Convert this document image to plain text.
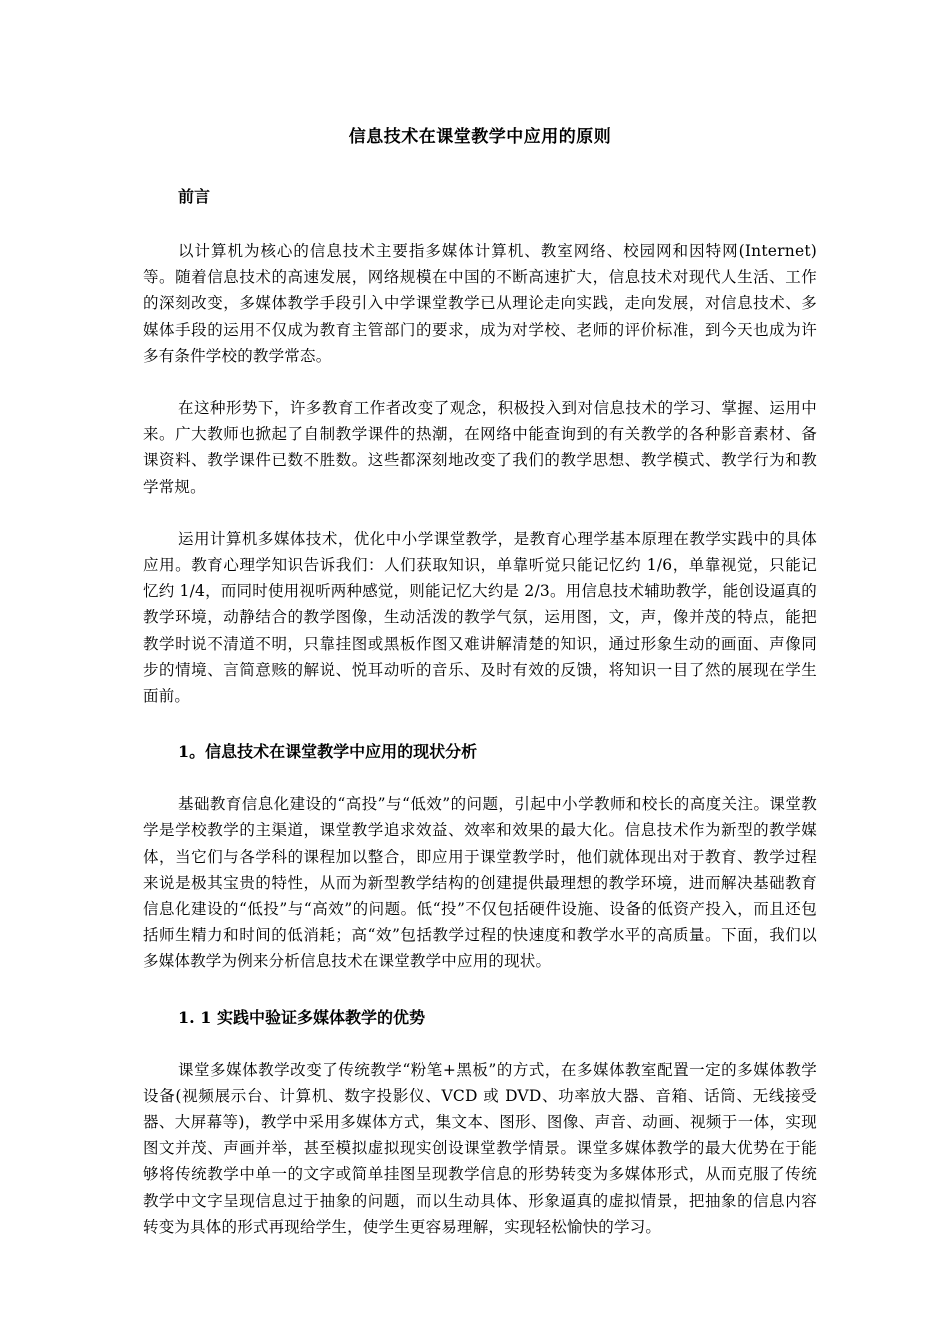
信息技术在课堂教学中应用的原则

前言

以计算机为核心的信息技术主要指多媒体计算机、教室网络、校园网和因特网(Internet)等。随着信息技术的高速发展，网络规模在中国的不断高速扩大，信息技术对现代人生活、工作的深刻改变，多媒体教学手段引入中学课堂教学已从理论走向实践，走向发展，对信息技术、多媒体手段的运用不仅成为教育主管部门的要求，成为对学校、老师的评价标准，到今天也成为许多有条件学校的教学常态。

在这种形势下，许多教育工作者改变了观念，积极投入到对信息技术的学习、掌握、运用中来。广大教师也掀起了自制教学课件的热潮，在网络中能查询到的有关教学的各种影音素材、备课资料、教学课件已数不胜数。这些都深刻地改变了我们的教学思想、教学模式、教学行为和教学常规。

运用计算机多媒体技术，优化中小学课堂教学，是教育心理学基本原理在教学实践中的具体应用。教育心理学知识告诉我们：人们获取知识，单靠听觉只能记忆约 1/6，单靠视觉，只能记忆约 1/4，而同时使用视听两种感觉，则能记忆大约是 2/3。用信息技术辅助教学，能创设逼真的教学环境，动静结合的教学图像，生动活泼的教学气氛，运用图，文，声，像并茂的特点，能把教学时说不清道不明，只靠挂图或黑板作图又难讲解清楚的知识，通过形象生动的画面、声像同步的情境、言简意赅的解说、悦耳动听的音乐、及时有效的反馈，将知识一目了然的展现在学生面前。

1。信息技术在课堂教学中应用的现状分析

基础教育信息化建设的“高投”与“低效”的问题，引起中小学教师和校长的高度关注。课堂教学是学校教学的主渠道，课堂教学追求效益、效率和效果的最大化。信息技术作为新型的教学媒体，当它们与各学科的课程加以整合，即应用于课堂教学时，他们就体现出对于教育、教学过程来说是极其宝贵的特性，从而为新型教学结构的创建提供最理想的教学环境，进而解决基础教育信息化建设的“低投”与“高效”的问题。低“投”不仅包括硬件设施、设备的低资产投入，而且还包括师生精力和时间的低消耗；高“效”包括教学过程的快速度和教学水平的高质量。下面，我们以多媒体教学为例来分析信息技术在课堂教学中应用的现状。

1. 1 实践中验证多媒体教学的优势

课堂多媒体教学改变了传统教学“粉笔+黑板”的方式，在多媒体教室配置一定的多媒体教学设备(视频展示台、计算机、数字投影仪、VCD 或 DVD、功率放大器、音箱、话筒、无线接受器、大屏幕等)，教学中采用多媒体方式，集文本、图形、图像、声音、动画、视频于一体，实现图文并茂、声画并举，甚至模拟虚拟现实创设课堂教学情景。课堂多媒体教学的最大优势在于能够将传统教学中单一的文字或简单挂图呈现教学信息的形势转变为多媒体形式，从而克服了传统教学中文字呈现信息过于抽象的问题，而以生动具体、形象逼真的虚拟情景，把抽象的信息内容转变为具体的形式再现给学生，使学生更容易理解，实现轻松愉快的学习。
